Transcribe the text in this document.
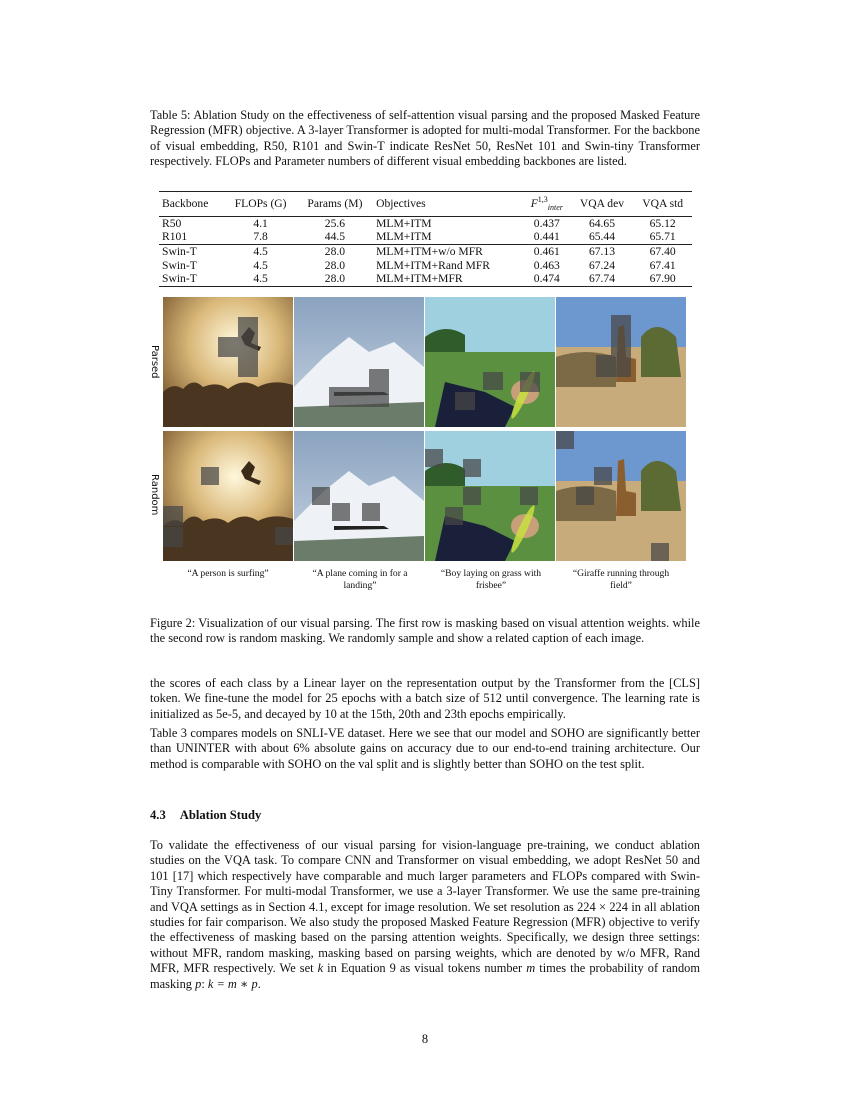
Table 5: Ablation Study on the effectiveness of self-attention visual parsing and the proposed Masked Feature Regression (MFR) objective. A 3-layer Transformer is adopted for multi-modal Transformer. For the backbone of visual embedding, R50, R101 and Swin-T indicate ResNet 50, ResNet 101 and Swin-tiny Transformer respectively. FLOPs and Parameter numbers of different visual embedding backbones are listed.

Backbone	FLOPs (G)	Params (M)	Objectives	F$^{1,3}_{inter}$	VQA dev	VQA std
R50	4.1	25.6	MLM+ITM	0.437	64.65	65.12
R101	7.8	44.5	MLM+ITM	0.441	65.44	65.71
Swin-T	4.5	28.0	MLM+ITM+w/o MFR	0.461	67.13	67.40
Swin-T	4.5	28.0	MLM+ITM+Rand MFR	0.463	67.24	67.41
Swin-T	4.5	28.0	MLM+ITM+MFR	0.474	67.74	67.90
Parsed
Random
“A person is surfing”	“A plane coming in for a landing”
“Boy laying on grass with frisbee”
“Giraffe running through field”

Figure 2: Visualization of our visual parsing. The first row is masking based on visual attention weights. while the second row is random masking. We randomly sample and show a related caption of each image.

the scores of each class by a Linear layer on the representation output by the Transformer from the [CLS] token. We fine-tune the model for 25 epochs with a batch size of 512 until convergence. The learning rate is initialized as 5e-5, and decayed by 10 at the 15th, 20th and 23th epochs empirically.

Table 3 compares models on SNLI-VE dataset. Here we see that our model and SOHO are significantly better than UNINTER with about 6% absolute gains on accuracy due to our end-to-end training architecture. Our method is comparable with SOHO on the val split and is slightly better than SOHO on the test split.

4.3 Ablation Study

To validate the effectiveness of our visual parsing for vision-language pre-training, we conduct ablation studies on the VQA task. To compare CNN and Transformer on visual embedding, we adopt ResNet 50 and 101 [17] which respectively have comparable and much larger parameters and FLOPs compared with Swin-Tiny Transformer. For multi-modal Transformer, we use a 3-layer Transformer. We use the same pre-training and VQA settings as in Section 4.1, except for image resolution. We set resolution as 224 × 224 in all ablation studies for fair comparison. We also study the proposed Masked Feature Regression (MFR) objective to verify the effectiveness of masking based on the parsing attention weights. Specifically, we design three settings: without MFR, random masking, masking based on parsing weights, which are denoted by w/o MFR, Rand MFR, MFR respectively. We set k in Equation 9 as visual tokens number m times the probability of random masking p: k = m ∗ p.

8
